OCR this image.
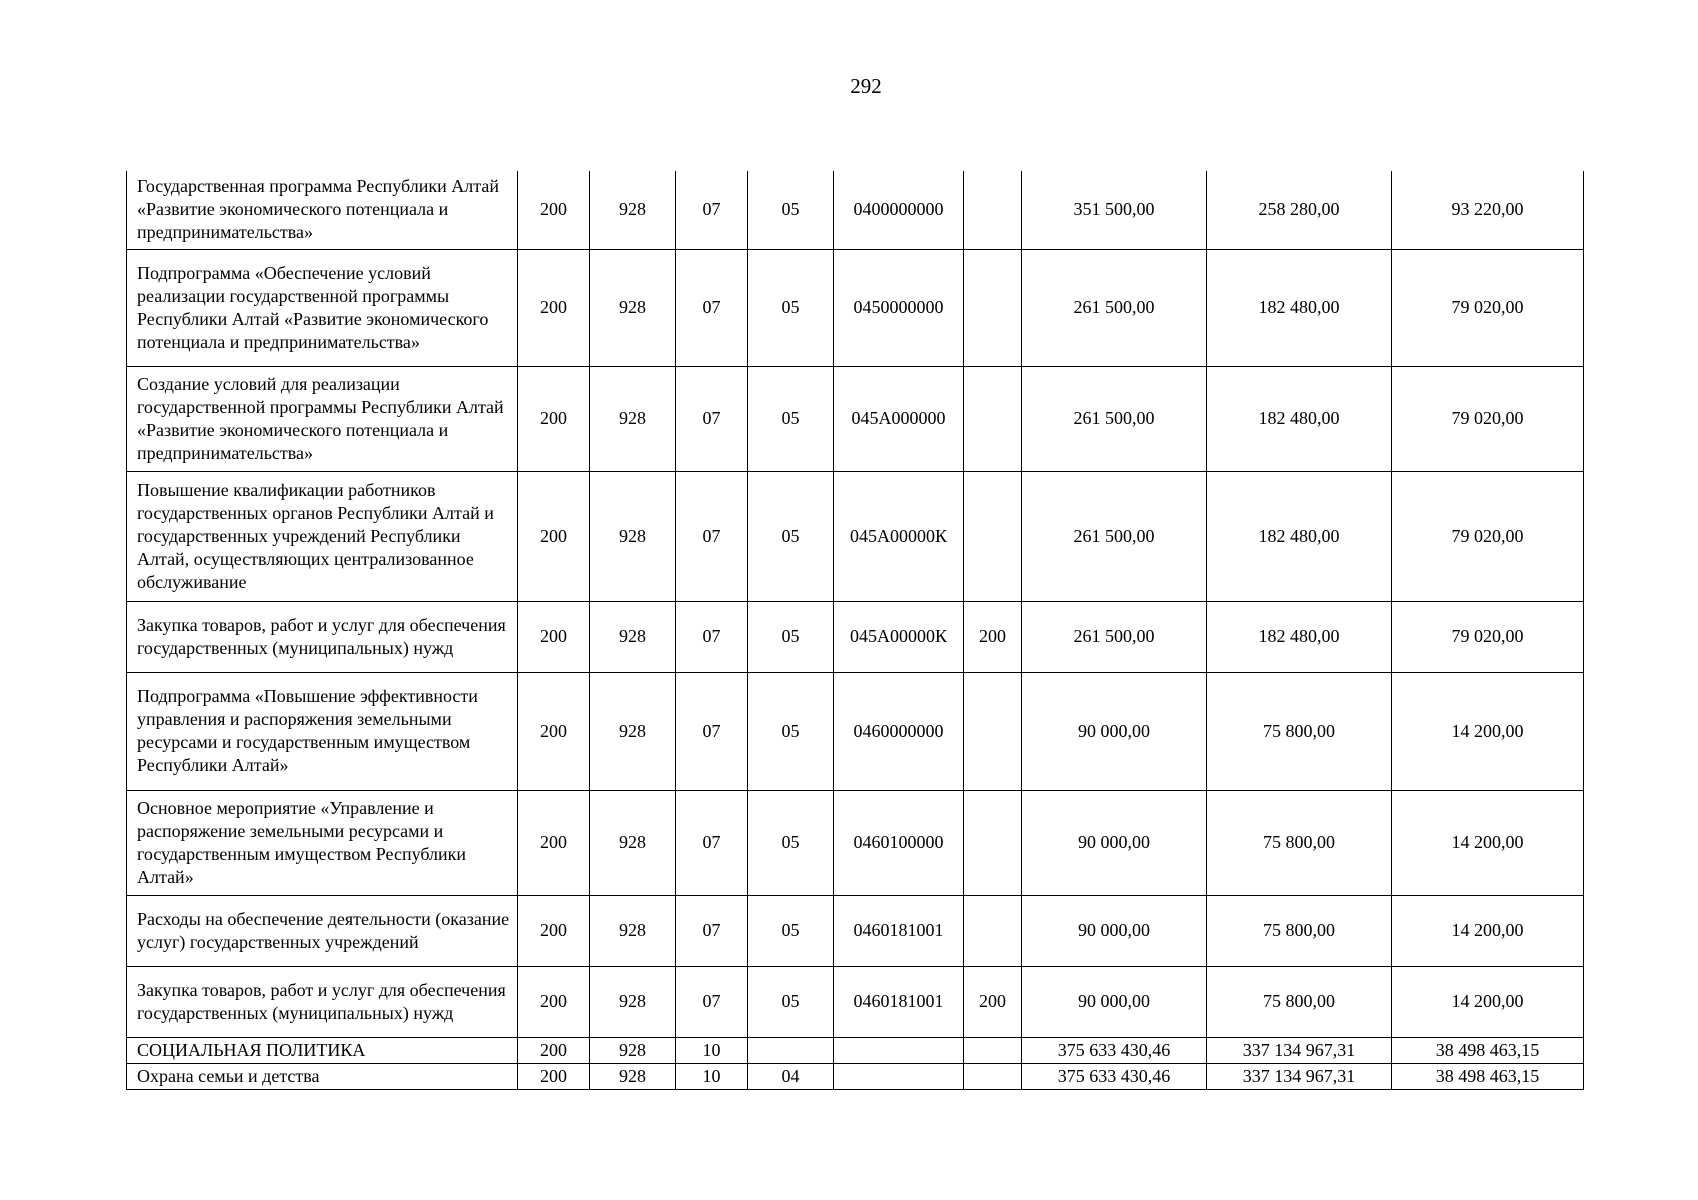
292
Государственная программа Республики Алтай «Развитие экономического потенциала и предпринимательства»	200	928	07	05	0400000000		351 500,00	258 280,00	93 220,00
Подпрограмма «Обеспечение условий реализации государственной программы Республики Алтай «Развитие экономического потенциала и предпринимательства»	200	928	07	05	0450000000		261 500,00	182 480,00	79 020,00
Создание условий для реализации государственной программы Республики Алтай «Развитие экономического потенциала и предпринимательства»	200	928	07	05	045А000000		261 500,00	182 480,00	79 020,00
Повышение квалификации работников государственных органов Республики Алтай и государственных учреждений Республики Алтай, осуществляющих централизованное обслуживание	200	928	07	05	045А00000К		261 500,00	182 480,00	79 020,00
Закупка товаров, работ и услуг для обеспечения государственных (муниципальных) нужд	200	928	07	05	045А00000К	200	261 500,00	182 480,00	79 020,00
Подпрограмма «Повышение эффективности управления и распоряжения земельными ресурсами и государственным имуществом Республики Алтай»	200	928	07	05	0460000000		90 000,00	75 800,00	14 200,00
Основное мероприятие «Управление и распоряжение земельными ресурсами и государственным имуществом Республики Алтай»	200	928	07	05	0460100000		90 000,00	75 800,00	14 200,00
Расходы на обеспечение деятельности (оказание услуг) государственных учреждений	200	928	07	05	0460181001		90 000,00	75 800,00	14 200,00
Закупка товаров, работ и услуг для обеспечения государственных (муниципальных) нужд	200	928	07	05	0460181001	200	90 000,00	75 800,00	14 200,00
СОЦИАЛЬНАЯ ПОЛИТИКА	200	928	10				375 633 430,46	337 134 967,31	38 498 463,15
Охрана семьи и детства	200	928	10	04			375 633 430,46	337 134 967,31	38 498 463,15
